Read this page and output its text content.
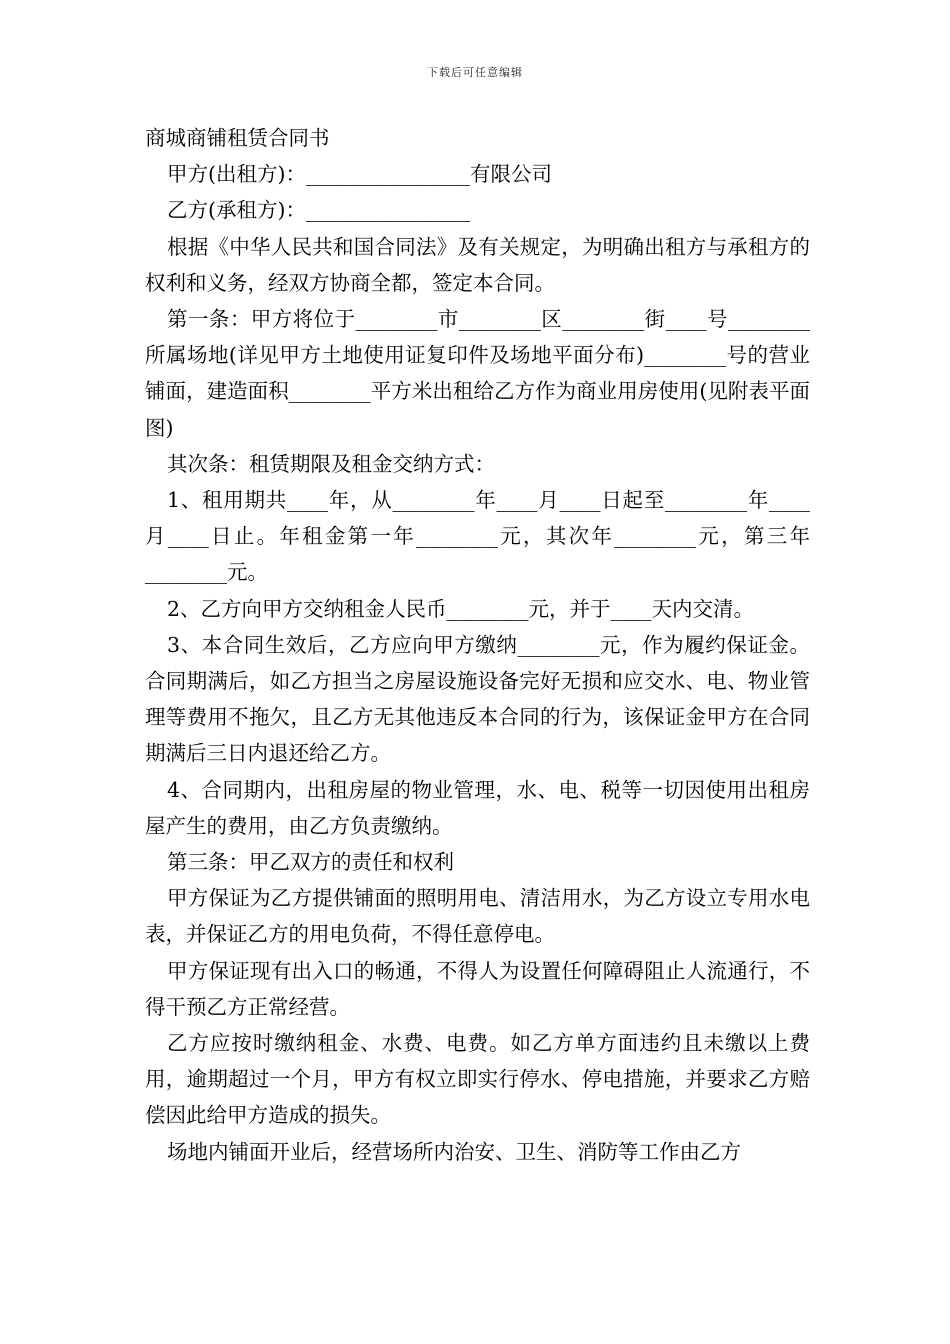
下载后可任意编辑

商城商铺租赁合同书

甲方(出租方)：________________有限公司

乙方(承租方)：________________

根据《中华人民共和国合同法》及有关规定，为明确出租方与承租方的权利和义务，经双方协商全都，签定本合同。

第一条：甲方将位于________市________区________街____号________所属场地(详见甲方土地使用证复印件及场地平面分布)________号的营业铺面，建造面积________平方米出租给乙方作为商业用房使用(见附表平面图)

其次条：租赁期限及租金交纳方式：

1、租用期共____年，从________年____月____日起至________年____月____日止。年租金第一年________元，其次年________元，第三年________元。

2、乙方向甲方交纳租金人民币________元，并于____天内交清。

3、本合同生效后，乙方应向甲方缴纳________元，作为履约保证金。合同期满后，如乙方担当之房屋设施设备完好无损和应交水、电、物业管理等费用不拖欠，且乙方无其他违反本合同的行为，该保证金甲方在合同期满后三日内退还给乙方。

4、合同期内，出租房屋的物业管理，水、电、税等一切因使用出租房屋产生的费用，由乙方负责缴纳。

第三条：甲乙双方的责任和权利

甲方保证为乙方提供铺面的照明用电、清洁用水，为乙方设立专用水电表，并保证乙方的用电负荷，不得任意停电。

甲方保证现有出入口的畅通，不得人为设置任何障碍阻止人流通行，不得干预乙方正常经营。

乙方应按时缴纳租金、水费、电费。如乙方单方面违约且未缴以上费用，逾期超过一个月，甲方有权立即实行停水、停电措施，并要求乙方赔偿因此给甲方造成的损失。

场地内铺面开业后，经营场所内治安、卫生、消防等工作由乙方
